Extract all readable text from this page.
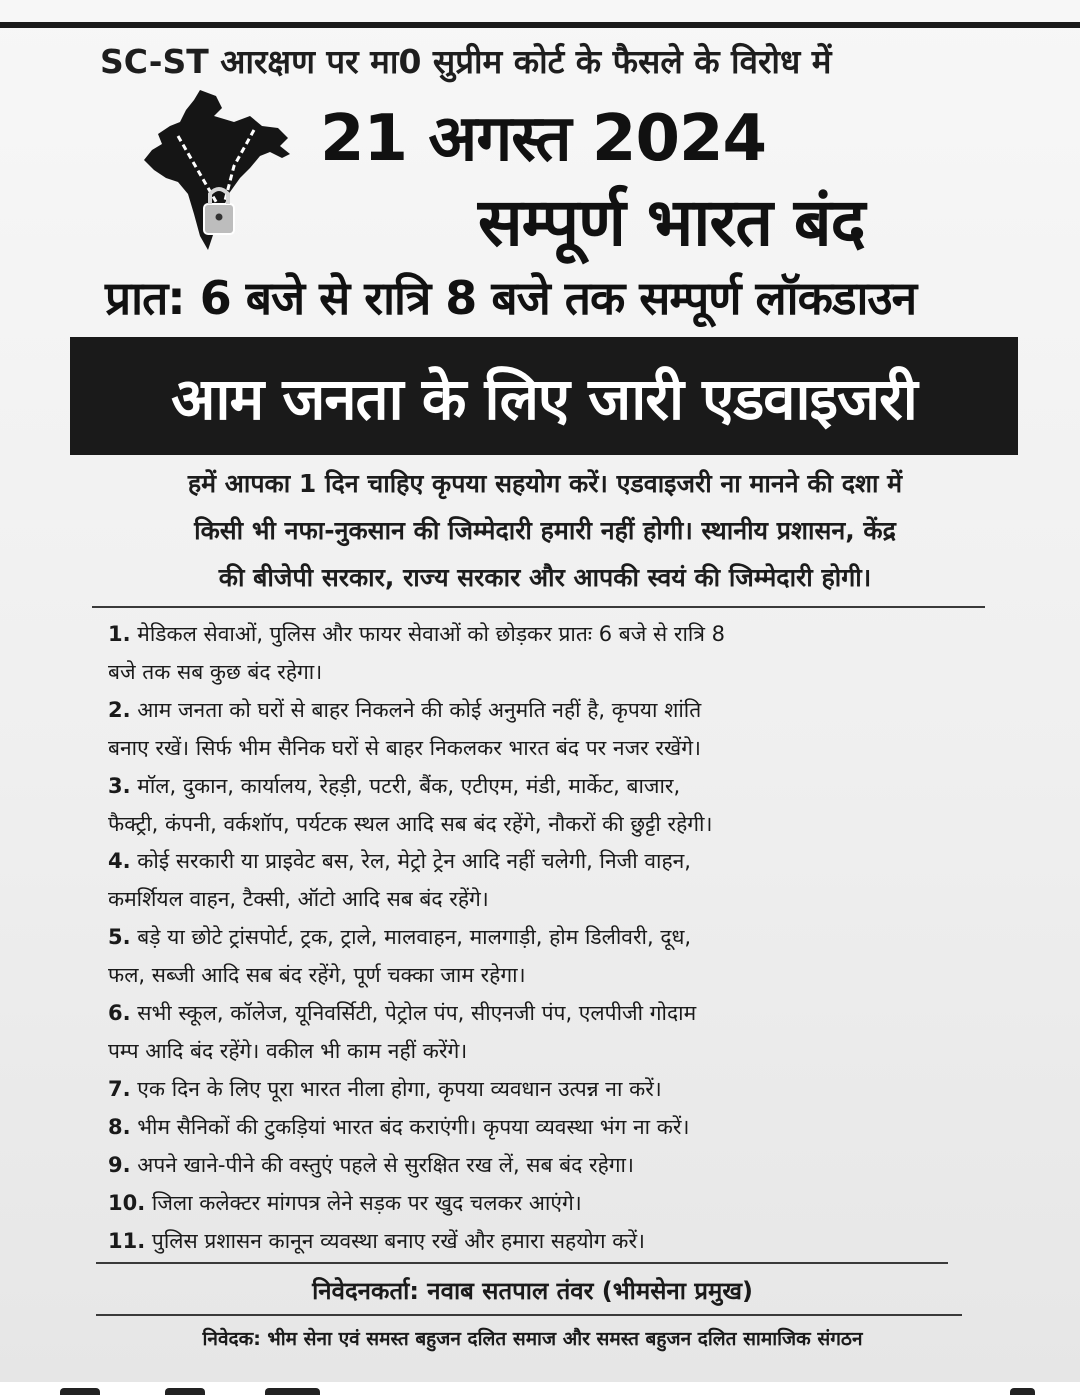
SC-ST आरक्षण पर मा0 सुप्रीम कोर्ट के फैसले के विरोध में
21 अगस्त 2024
सम्पूर्ण भारत बंद
प्रात: 6 बजे से रात्रि 8 बजे तक सम्पूर्ण लॉकडाउन
आम जनता के लिए जारी एडवाइजरी
हमें आपका 1 दिन चाहिए कृपया सहयोग करें। एडवाइजरी ना मानने की दशा में
किसी भी नफा-नुकसान की जिम्मेदारी हमारी नहीं होगी। स्थानीय प्रशासन, केंद्र
की बीजेपी सरकार, राज्य सरकार और आपकी स्वयं की जिम्मेदारी होगी।
1. मेडिकल सेवाओं, पुलिस और फायर सेवाओं को छोड़कर प्रातः 6 बजे से रात्रि 8
बजे तक सब कुछ बंद रहेगा।
2. आम जनता को घरों से बाहर निकलने की कोई अनुमति नहीं है, कृपया शांति
बनाए रखें। सिर्फ भीम सैनिक घरों से बाहर निकलकर भारत बंद पर नजर रखेंगे।
3. मॉल, दुकान, कार्यालय, रेहड़ी, पटरी, बैंक, एटीएम, मंडी, मार्केट, बाजार,
फैक्ट्री, कंपनी, वर्कशॉप, पर्यटक स्थल आदि सब बंद रहेंगे, नौकरों की छुट्टी रहेगी।
4. कोई सरकारी या प्राइवेट बस, रेल, मेट्रो ट्रेन आदि नहीं चलेगी, निजी वाहन,
कमर्शियल वाहन, टैक्सी, ऑटो आदि सब बंद रहेंगे।
5. बड़े या छोटे ट्रांसपोर्ट, ट्रक, ट्राले, मालवाहन, मालगाड़ी, होम डिलीवरी, दूध,
फल, सब्जी आदि सब बंद रहेंगे, पूर्ण चक्का जाम रहेगा।
6. सभी स्कूल, कॉलेज, यूनिवर्सिटी, पेट्रोल पंप, सीएनजी पंप, एलपीजी गोदाम
पम्प आदि बंद रहेंगे। वकील भी काम नहीं करेंगे।
7. एक दिन के लिए पूरा भारत नीला होगा, कृपया व्यवधान उत्पन्न ना करें।
8. भीम सैनिकों की टुकड़ियां भारत बंद कराएंगी। कृपया व्यवस्था भंग ना करें।
9. अपने खाने-पीने की वस्तुएं पहले से सुरक्षित रख लें, सब बंद रहेगा।
10. जिला कलेक्टर मांगपत्र लेने सड़क पर खुद चलकर आएंगे।
11. पुलिस प्रशासन कानून व्यवस्था बनाए रखें और हमारा सहयोग करें।
निवेदनकर्ता: नवाब सतपाल तंवर (भीमसेना प्रमुख)
निवेदक: भीम सेना एवं समस्त बहुजन दलित समाज और समस्त बहुजन दलित सामाजिक संगठन
